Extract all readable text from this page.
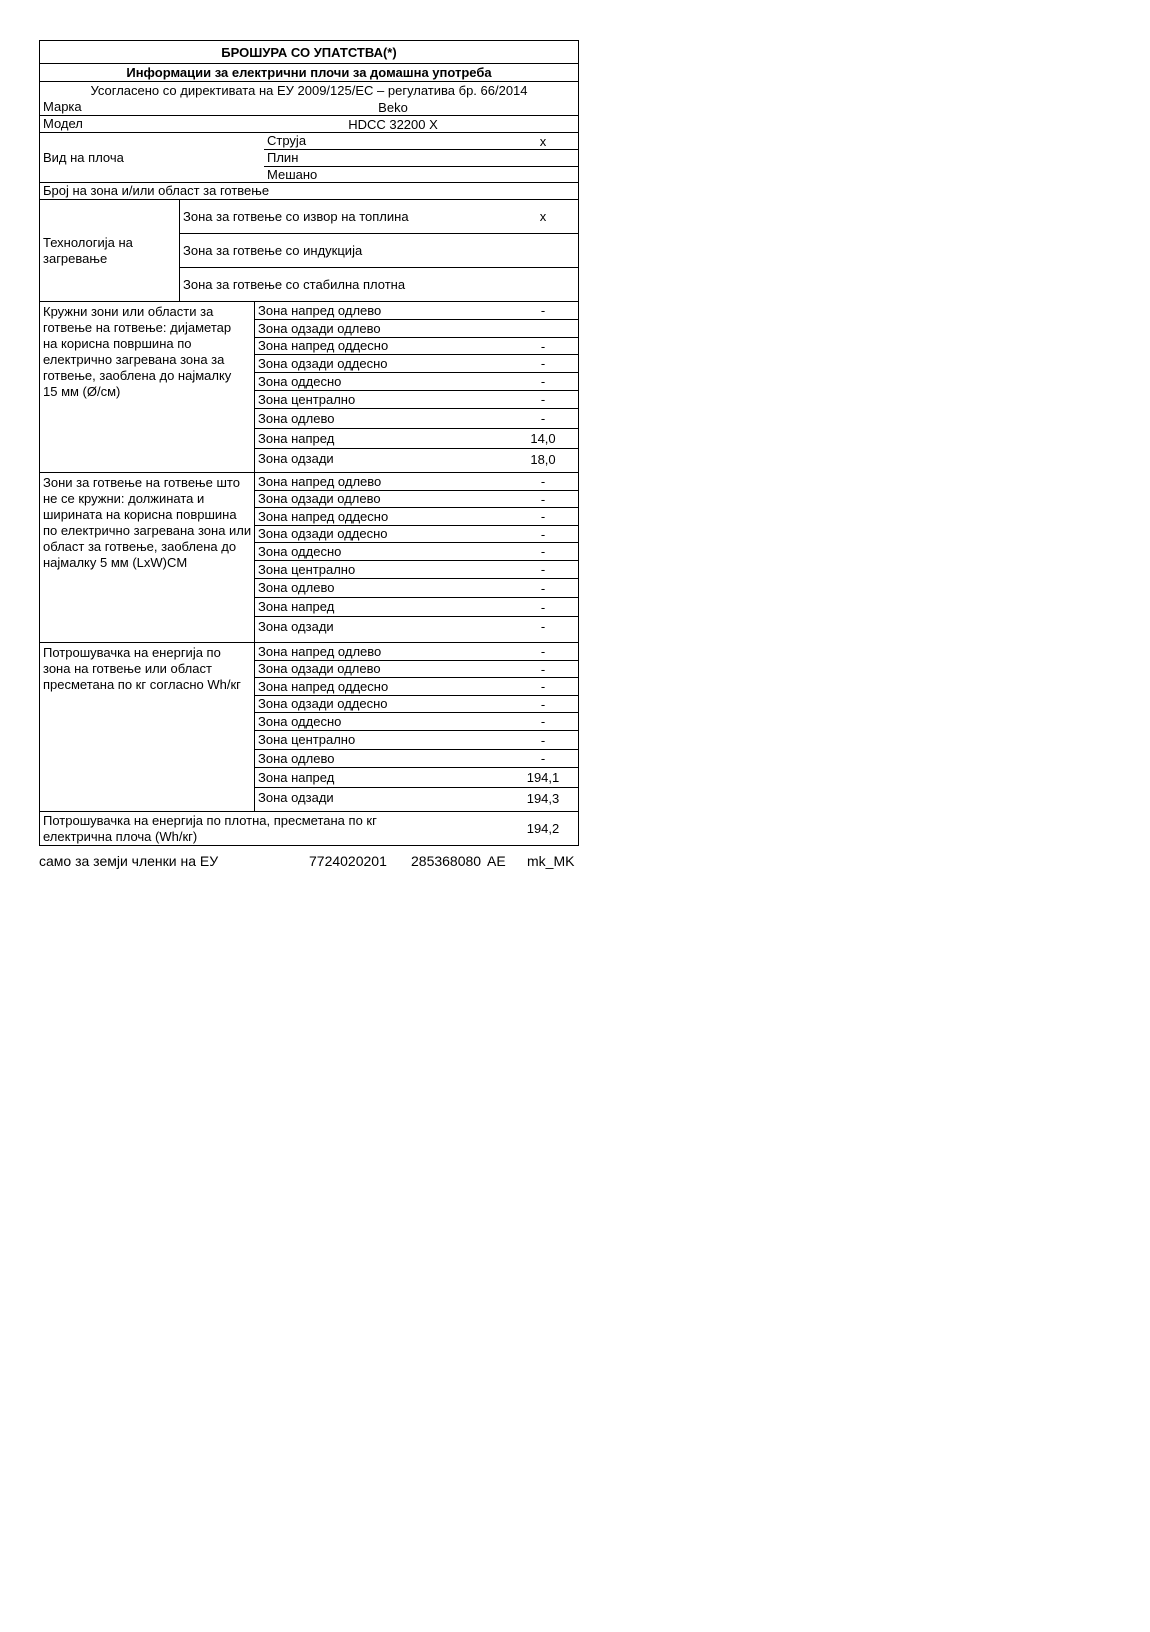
БРОШУРА СО УПАТСТВА(*)
Информации за електрични плочи за домашна употреба
Усогласено со директивата на ЕУ 2009/125/ЕС – регулатива бр. 66/2014
Марка	Beko
Модел	HDCC 32200 X
Вид на плоча
Струја	x
Плин
Мешано
Број на зона и/или област за готвење
Технологија на загревање
Зона за готвење со извор на топлина	x
Зона за готвење со индукција
Зона за готвење со стабилна плотна
Кружни зони или области за готвење на готвење: дијаметар на корисна површина по електрично загревана зона за готвење, заоблена до најмалку 15 мм (Ø/см)
Зона напред одлево	-
Зона одзади одлево
Зона напред оддесно	-
Зона одзади оддесно	-
Зона оддесно	-
Зона централно	-
Зона одлево	-
Зона напред	14,0
Зона одзади	18,0
Зони за готвење на готвење што не се кружни: должината и ширината на корисна површина по електрично загревана зона или област за готвење, заоблена до најмалку 5 мм (LxW)CM
Зона напред одлево	-
Зона одзади одлево	-
Зона напред оддесно	-
Зона одзади оддесно	-
Зона оддесно	-
Зона централно	-
Зона одлево	-
Зона напред	-
Зона одзади	-
Потрошувачка на енергија по зона на готвење или област пресметана по кг согласно Wh/кг
Зона напред одлево	-
Зона одзади одлево	-
Зона напред оддесно	-
Зона одзади оддесно	-
Зона оддесно	-
Зона централно	-
Зона одлево	-
Зона напред	194,1
Зона одзади	194,3
Потрошувачка на енергија по плотна, пресметана по кг електрична плоча (Wh/кг)	194,2
само за земји членки на ЕУ	7724020201	285368080 AE	mk_MK
